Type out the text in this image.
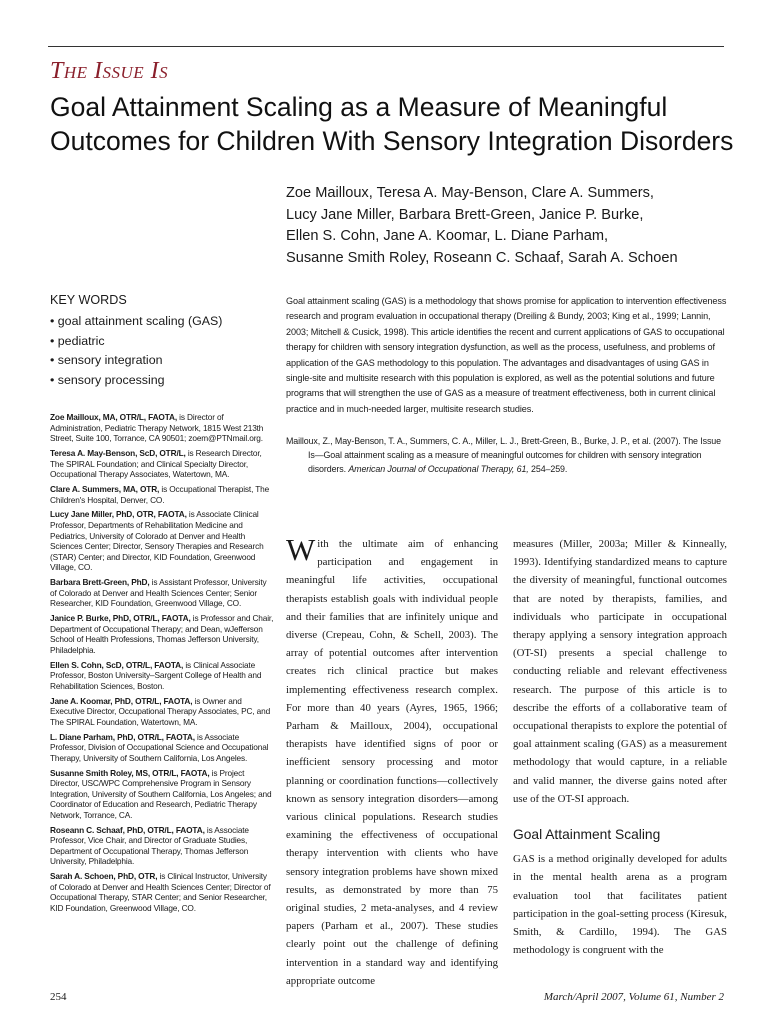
The Issue Is
Goal Attainment Scaling as a Measure of Meaningful Outcomes for Children With Sensory Integration Disorders
Zoe Mailloux, Teresa A. May-Benson, Clare A. Summers,
Lucy Jane Miller, Barbara Brett-Green, Janice P. Burke,
Ellen S. Cohn, Jane A. Koomar, L. Diane Parham,
Susanne Smith Roley, Roseann C. Schaaf, Sarah A. Schoen
KEY WORDS
• goal attainment scaling (GAS)
• pediatric
• sensory integration
• sensory processing

Zoe Mailloux, MA, OTR/L, FAOTA, is Director of Administration, Pediatric Therapy Network, 1815 West 213th Street, Suite 100, Torrance, CA 90501; zoem@PTNmail.org.

Teresa A. May-Benson, ScD, OTR/L, is Research Director, The SPIRAL Foundation; and Clinical Specialty Director, Occupational Therapy Associates, Watertown, MA.

Clare A. Summers, MA, OTR, is Occupational Therapist, The Children's Hospital, Denver, CO.

Lucy Jane Miller, PhD, OTR, FAOTA, is Associate Clinical Professor, Departments of Rehabilitation Medicine and Pediatrics, University of Colorado at Denver and Health Sciences Center; Director, Sensory Therapies and Research (STAR) Center; and Director, KID Foundation, Greenwood Village, CO.

Barbara Brett-Green, PhD, is Assistant Professor, University of Colorado at Denver and Health Sciences Center; Senior Researcher, KID Foundation, Greenwood Village, CO.

Janice P. Burke, PhD, OTR/L, FAOTA, is Professor and Chair, Department of Occupational Therapy; and Dean, wJefferson School of Health Professions, Thomas Jefferson University, Philadelphia.

Ellen S. Cohn, ScD, OTR/L, FAOTA, is Clinical Associate Professor, Boston University–Sargent College of Health and Rehabilitation Sciences, Boston.

Jane A. Koomar, PhD, OTR/L, FAOTA, is Owner and Executive Director, Occupational Therapy Associates, PC, and The SPIRAL Foundation, Watertown, MA.

L. Diane Parham, PhD, OTR/L, FAOTA, is Associate Professor, Division of Occupational Science and Occupational Therapy, University of Southern California, Los Angeles.

Susanne Smith Roley, MS, OTR/L, FAOTA, is Project Director, USC/WPC Comprehensive Program in Sensory Integration, University of Southern California, Los Angeles; and Coordinator of Education and Research, Pediatric Therapy Network, Torrance, CA.

Roseann C. Schaaf, PhD, OTR/L, FAOTA, is Associate Professor, Vice Chair, and Director of Graduate Studies, Department of Occupational Therapy, Thomas Jefferson University, Philadelphia.

Sarah A. Schoen, PhD, OTR, is Clinical Instructor, University of Colorado at Denver and Health Sciences Center; Director of Occupational Therapy, STAR Center; and Senior Researcher, KID Foundation, Greenwood Village, CO.

Goal attainment scaling (GAS) is a methodology that shows promise for application to intervention effectiveness research and program evaluation in occupational therapy (Dreiling & Bundy, 2003; King et al., 1999; Lannin, 2003; Mitchell & Cusick, 1998). This article identifies the recent and current applications of GAS to occupational therapy for children with sensory integration dysfunction, as well as the process, usefulness, and problems of application of the GAS methodology to this population. The advantages and disadvantages of using GAS in single-site and multisite research with this population is explored, as well as the potential solutions and future programs that will strengthen the use of GAS as a measure of treatment effectiveness, both in current clinical practice and in much-needed larger, multisite research studies.
Mailloux, Z., May-Benson, T. A., Summers, C. A., Miller, L. J., Brett-Green, B., Burke, J. P., et al. (2007). The Issue Is—Goal attainment scaling as a measure of meaningful outcomes for children with sensory integration disorders. American Journal of Occupational Therapy, 61, 254–259.
W ith the ultimate aim of enhancing participation and engagement in meaningful life activities, occupational therapists establish goals with individual people and their families that are infinitely unique and diverse (Crepeau, Cohn, & Schell, 2003). The array of potential outcomes after intervention creates rich clinical practice but makes implementing effectiveness research complex. For more than 40 years (Ayres, 1965, 1966; Parham & Mailloux, 2004), occupational therapists have identified signs of poor or inefficient sensory processing and motor planning or coordination functions—collectively known as sensory integration disorders—among various clinical populations. Research studies examining the effectiveness of occupational therapy intervention with clients who have sensory integration problems have shown mixed results, as demonstrated by more than 75 original studies, 2 meta-analyses, and 4 review papers (Parham et al., 2007). These studies clearly point out the challenge of defining intervention in a standard way and identifying appropriate outcome

measures (Miller, 2003a; Miller & Kinneally, 1993). Identifying standardized means to capture the diversity of meaningful, functional outcomes that are noted by therapists, families, and individuals who participate in occupational therapy applying a sensory integration approach (OT-SI) presents a special challenge to conducting reliable and relevant effectiveness research. The purpose of this article is to describe the efforts of a collaborative team of occupational therapists to explore the potential of goal attainment scaling (GAS) as a measurement methodology that would capture, in a reliable and valid manner, the diverse gains noted after use of the OT-SI approach.

Goal Attainment Scaling

GAS is a method originally developed for adults in the mental health arena as a program evaluation tool that facilitates patient participation in the goal-setting process (Kiresuk, Smith, & Cardillo, 1994). The GAS methodology is congruent with the

254	March/April 2007, Volume 61, Number 2
